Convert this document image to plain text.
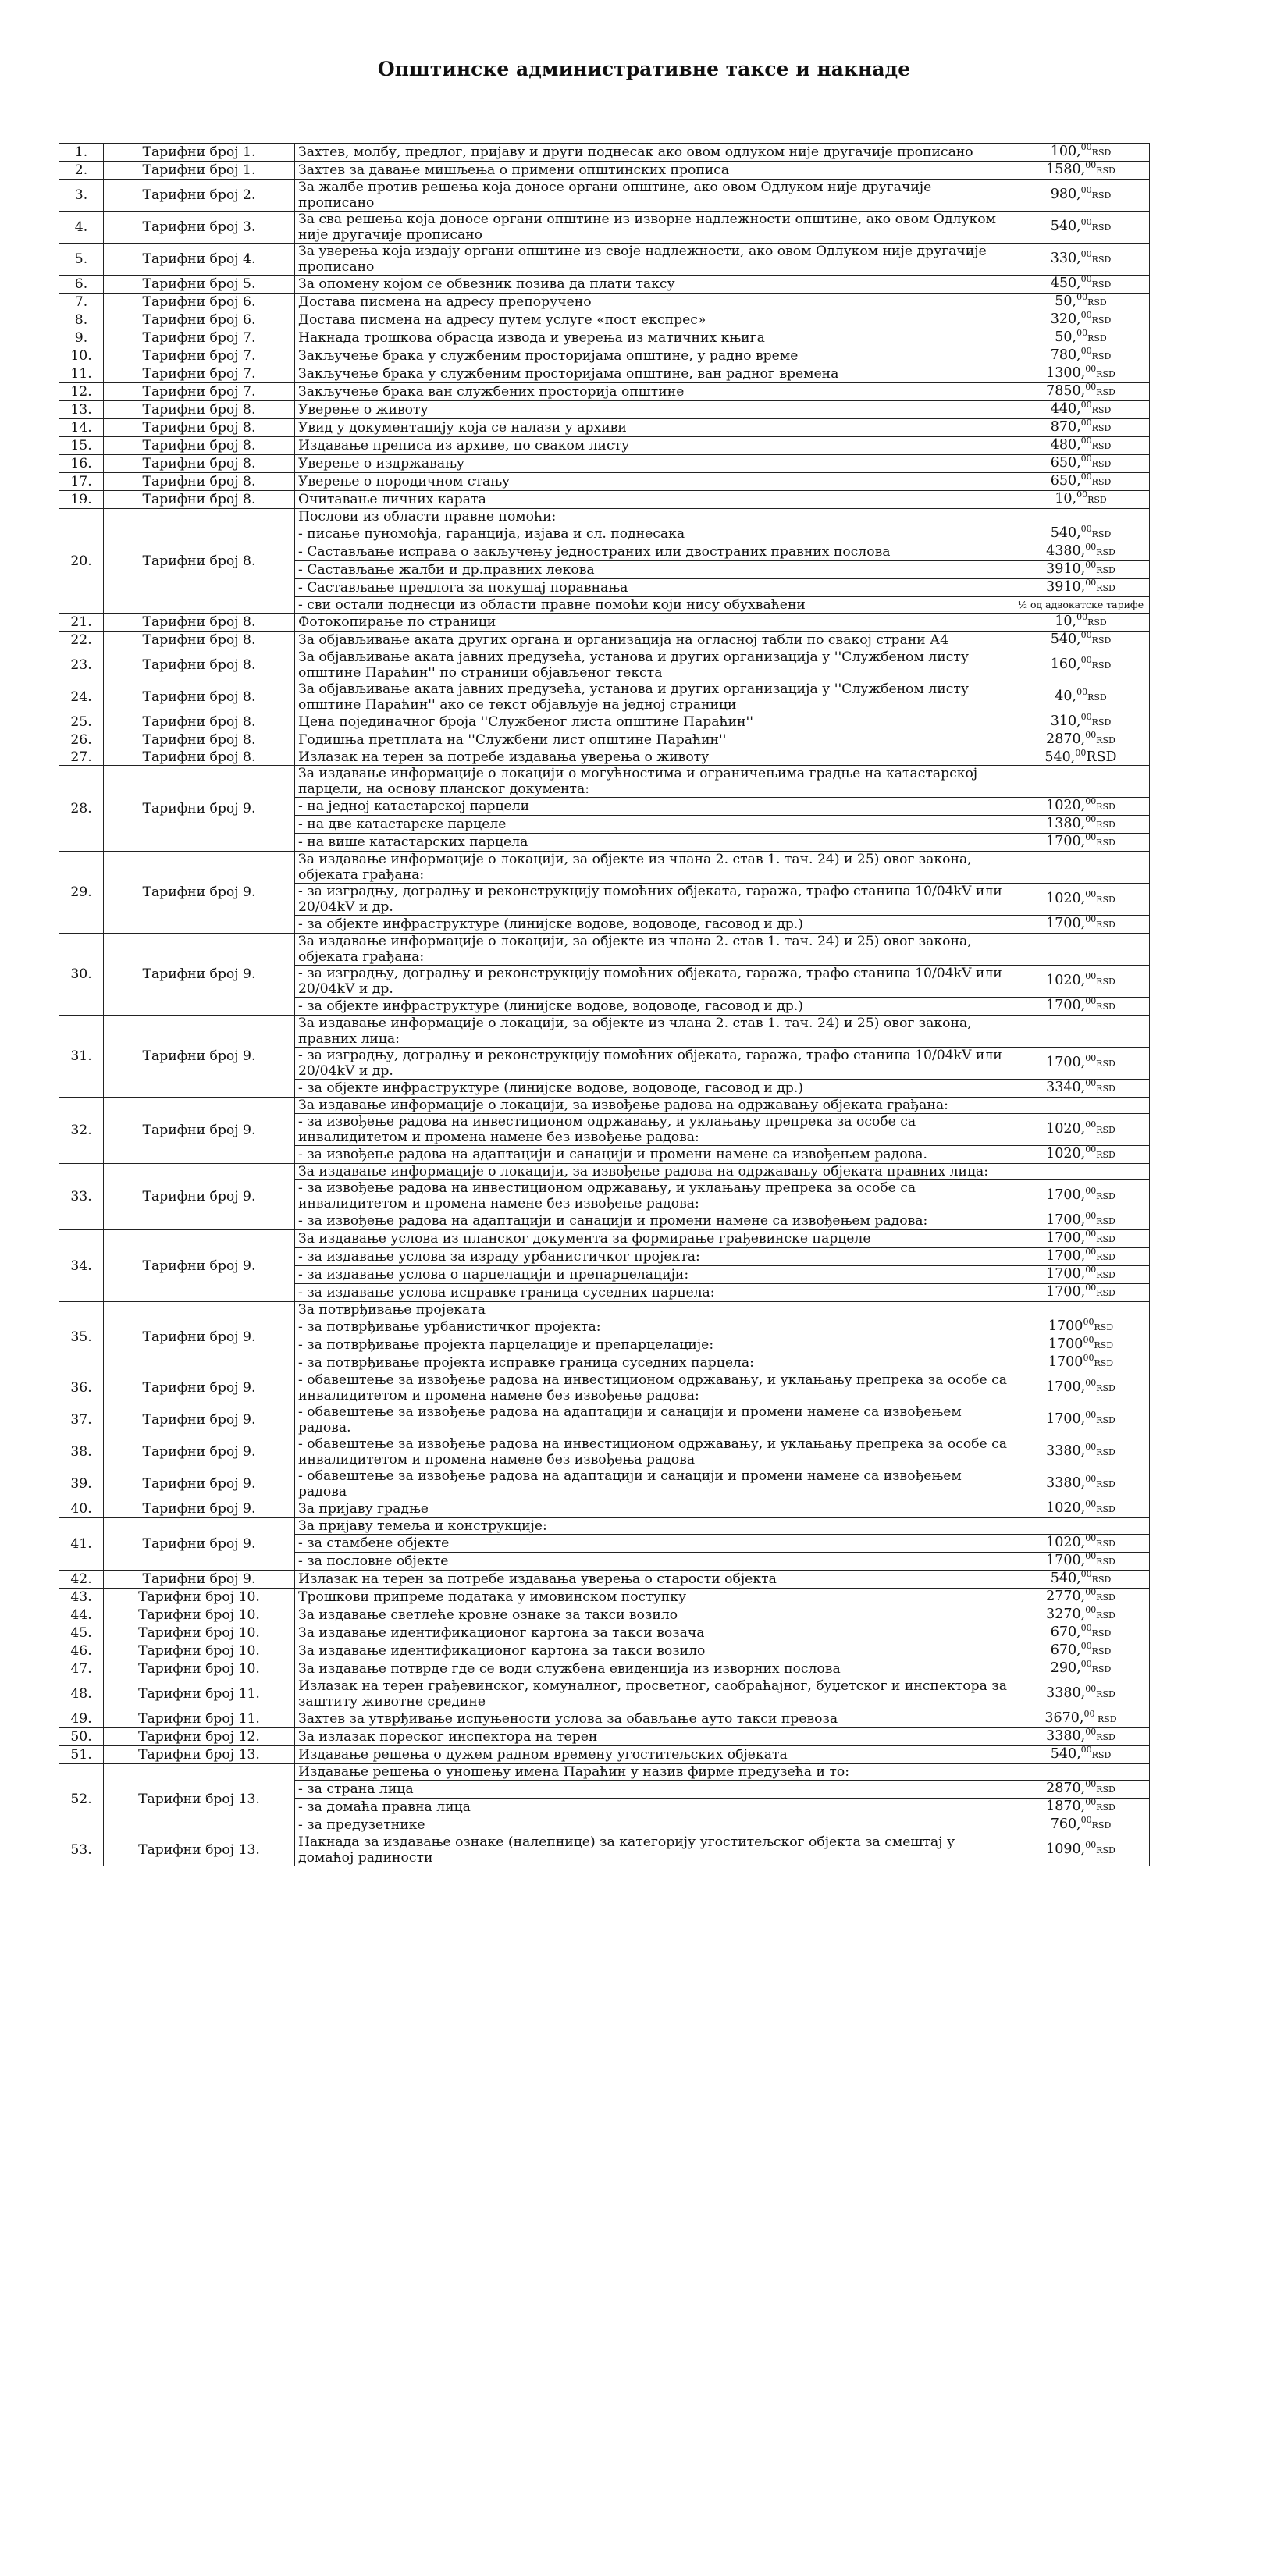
Општинске административне таксе и накнаде
1.	Тарифни број 1.	Захтев, молбу, предлог, пријаву и други поднесак ако овом одлуком није другачије прописано	100,00RSD
2.	Тарифни број 1.	Захтев за давање мишљења о примени општинских прописа	1580,00RSD
3.	Тарифни број 2.	За жалбе против решења која доносе органи општине, ако овом Одлуком није другачије прописано	980,00RSD
4.	Тарифни број 3.	За сва решења која доносе органи општине из изворне надлежности општине, ако овом Одлуком није другачије прописано	540,00RSD
5.	Тарифни број 4.	За уверења која издају органи општине из своје надлежности, ако овом Одлуком није другачије прописано	330,00RSD
6.	Тарифни број 5.	За опомену којом се обвезник позива да плати таксу	450,00RSD
7.	Тарифни број 6.	Достава писмена на адресу препоручено	50,00RSD
8.	Тарифни број 6.	Достава писмена на адресу путем услуге «пост експрес»	320,00RSD
9.	Тарифни број 7.	Накнада трошкова обрасца извода и уверења из матичних књига	50,00RSD
10.	Тарифни број 7.	Закључење брака у службеним просторијама општине, у радно време	780,00RSD
11.	Тарифни број 7.	Закључење брака у службеним просторијама општине, ван радног времена	1300,00RSD
12.	Тарифни број 7.	Закључење брака ван службених просторија општине	7850,00RSD
13.	Тарифни број 8.	Уверење о животу	440,00RSD
14.	Тарифни број 8.	Увид у документацију која се налази у архиви	870,00RSD
15.	Тарифни број 8.	Издавање преписа из архиве, по сваком листу	480,00RSD
16.	Тарифни број 8.	Уверење о издржавању	650,00RSD
17.	Тарифни број 8.	Уверење о породичном стању	650,00RSD
19.	Тарифни број 8.	Очитавање личних карата	10,00RSD
20.	Тарифни број 8.	Послови из области правне помоћи:	
		- писање пуномоћја, гаранција, изјава и сл. поднесака	540,00RSD
		- Састављање исправа о закључењу једностраних или двостраних правних послова	4380,00RSD
		- Састављање жалби и др.правних лекова	3910,00RSD
		- Састављање предлога за покушај поравнања	3910,00RSD
		- сви остали поднесци из области правне помоћи који нису обухваћени	½ од адвокатске тарифе
21.	Тарифни број 8.	Фотокопирање по страници	10,00RSD
22.	Тарифни број 8.	За објављивање аката других органа и организација на огласној табли по свакој страни А4	540,00RSD
23.	Тарифни број 8.	За објављивање аката јавних предузећа, установа и других организација у ''Службеном листу општине Параћин'' по страници објављеног текста	160,00RSD
24.	Тарифни број 8.	За објављивање аката јавних предузећа, установа и других организација у ''Службеном листу општине Параћин'' ако се текст објављује на једној страници	40,00RSD
25.	Тарифни број 8.	Цена појединачног броја ''Службеног листа општине Параћин''	310,00RSD
26.	Тарифни број 8.	Годишња претплата на ''Службени лист општине Параћин''	2870,00RSD
27.	Тарифни број 8.	Излазак на терен за потребе издавања уверења о животу	540,00RSD
28.	Тарифни број 9.	За издавање информације о локацији о могућностима и ограничењима градње на катастарској парцели, на основу планског документа:	
		- на једној катастарској парцели	1020,00RSD
		- на две катастарске парцеле	1380,00RSD
		- на више катастарских парцела	1700,00RSD
29.	Тарифни број 9.	За издавање информације о локацији, за објекте из члана 2. став 1. тач. 24) и 25) овог закона, објеката грађана:	
		- за изградњу, доградњу и реконструкцију помоћних објеката, гаража, трафо станица 10/04kV или 20/04kV и др.	1020,00RSD
		- за објекте инфраструктуре (линијске водове, водоводе, гасовод и др.)	1700,00RSD
30.	Тарифни број 9.	За издавање информације о локацији, за објекте из члана 2. став 1. тач. 24) и 25) овог закона, објеката грађана:	
		- за изградњу, доградњу и реконструкцију помоћних објеката, гаража, трафо станица 10/04kV или 20/04kV и др.	1020,00RSD
		- за објекте инфраструктуре (линијске водове, водоводе, гасовод и др.)	1700,00RSD
31.	Тарифни број 9.	За издавање информације о локацији, за објекте из члана 2. став 1. тач. 24) и 25) овог закона, правних лица:	
		- за изградњу, доградњу и реконструкцију помоћних објеката, гаража, трафо станица 10/04kV или 20/04kV и др.	1700,00RSD
		- за објекте инфраструктуре (линијске водове, водоводе, гасовод и др.)	3340,00RSD
32.	Тарифни број 9.	За издавање информације о локацији, за извођење радова на одржавању објеката грађана:	
		- за извођење радова на инвестиционом одржавању, и уклањању препрека за особе са инвалидитетом и промена намене без извођење радова:	1020,00RSD
		- за извођење радова на адаптацији и санацији и промени намене са извођењем радова.	1020,00RSD
33.	Тарифни број 9.	За издавање информације о локацији, за извођење радова на одржавању објеката правних лица:	
		- за извођење радова на инвестиционом одржавању, и уклањању препрека за особе са инвалидитетом и промена намене без извођење радова:	1700,00RSD
		- за извођење радова на адаптацији и санацији и промени намене са извођењем радова:	1700,00RSD
34.	Тарифни број 9.	За издавање услова из планског документа за формирање грађевинске парцеле	1700,00RSD
		- за издавање услова за израду урбанистичког пројекта:	1700,00RSD
		- за издавање услова о парцелацији и препарцелацији:	1700,00RSD
		- за издавање услова исправке граница суседних парцела:	1700,00RSD
35.	Тарифни број 9.	За потврђивање пројеката	
		- за потврђивање урбанистичког пројекта:	1700$^{00}$RSD
		- за потврђивање пројекта парцелације и препарцелације:	1700$^{00}$RSD
		- за потврђивање пројекта исправке граница суседних парцела:	1700$^{00}$RSD
36.	Тарифни број 9.	- обавештење за извођење радова на инвестиционом одржавању, и уклањању препрека за особе са инвалидитетом и промена намене без извођење радова:	1700,00RSD
37.	Тарифни број 9.	- обавештење за извођење радова на адаптацији и санацији и промени намене са извођењем радова.	1700,00RSD
38.	Тарифни број 9.	- обавештење за извођење радова на инвестиционом одржавању, и уклањању препрека за особе са инвалидитетом и промена намене без извођења радова	3380,00RSD
39.	Тарифни број 9.	- обавештење за извођење радова на адаптацији и санацији и промени намене са извођењем радова	3380,00RSD
40.	Тарифни број 9.	За пријаву градње	1020,00RSD
41.	Тарифни број 9.	За пријаву темеља и конструкције:	
		- за стамбене објекте	1020,00RSD
		- за пословне објекте	1700,00RSD
42.	Тарифни број 9.	Излазак на терен за потребе издавања уверења о старости објекта	540,00RSD
43.	Тарифни број 10.	Трошкови припреме података у имовинском поступку	2770,00RSD
44.	Тарифни број 10.	За издавање светлеће кровне ознаке за такси возило	3270,00RSD
45.	Тарифни број 10.	За издавање идентификационог картона за такси возача	670,00RSD
46.	Тарифни број 10.	За издавање идентификационог картона за такси возило	670,00RSD
47.	Тарифни број 10.	За издавање потврде где се води службена евиденција из изворних послова	290,00RSD
48.	Тарифни број 11.	Излазак на терен грађевинског, комуналног, просветног, саобраћајног, буџетског и инспектора за заштиту животне средине	3380,00RSD
49.	Тарифни број 11.	Захтев за утврђивање испуњености услова за обављање ауто такси превоза	3670,00 RSD
50.	Тарифни број 12.	За излазак пореског инспектора на терен	3380,00RSD
51.	Тарифни број 13.	Издавање решења о дужем радном времену угоститељских објеката	540,00RSD
52.	Тарифни број 13.	Издавање решења о уношењу имена Параћин у назив фирме предузећа и то:	
		- за страна лица	2870,00RSD
		- за домаћа правна лица	1870,00RSD
		- за предузетнике	760,00RSD
53.	Тарифни број 13.	Накнада за издавање ознаке (налепнице) за категорију угоститељског објекта за смештај у домаћој радиности	1090,00RSD
